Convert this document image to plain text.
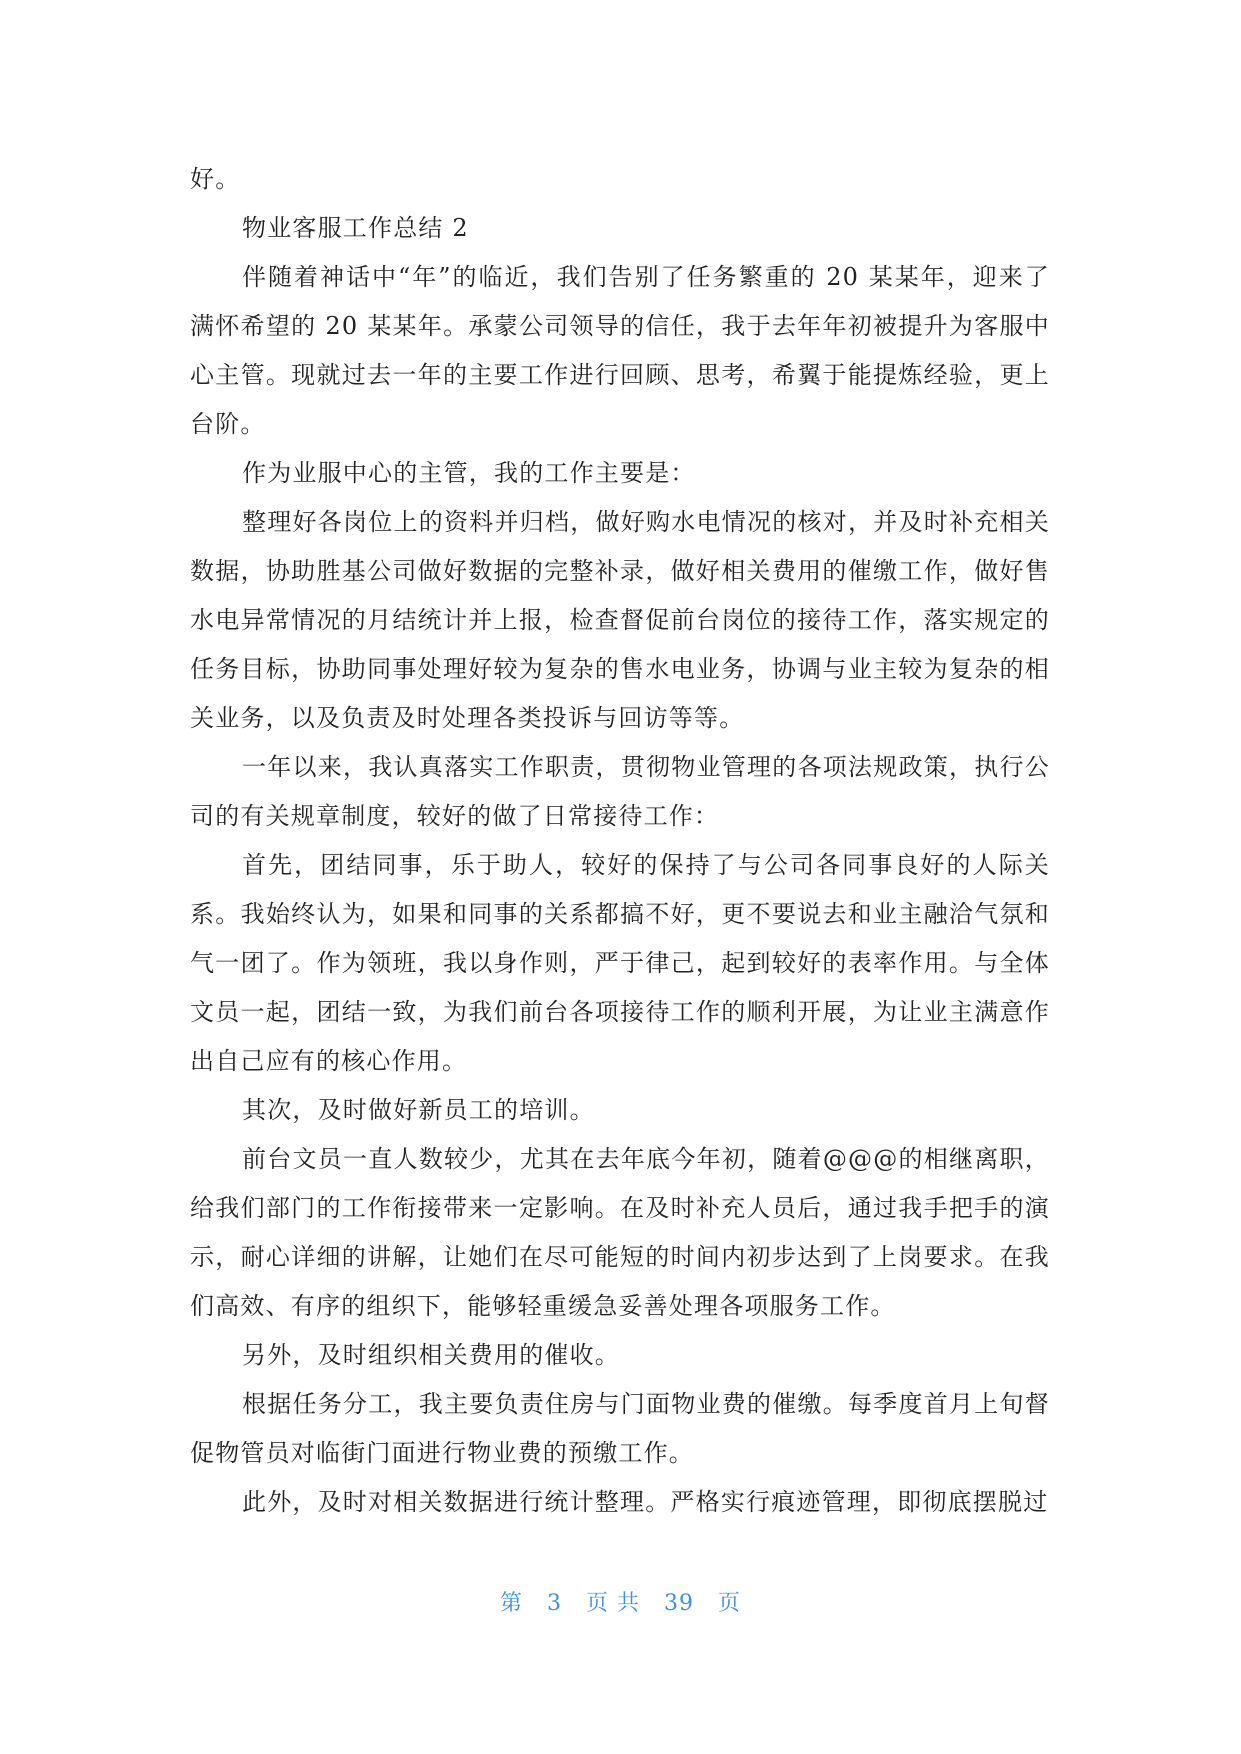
好。

物业客服工作总结 2

伴随着神话中“年”的临近，我们告别了任务繁重的 20 某某年，迎来了满怀希望的 20 某某年。承蒙公司领导的信任，我于去年年初被提升为客服中心主管。现就过去一年的主要工作进行回顾、思考，希翼于能提炼经验，更上台阶。

作为业服中心的主管，我的工作主要是：

整理好各岗位上的资料并归档，做好购水电情况的核对，并及时补充相关数据，协助胜基公司做好数据的完整补录，做好相关费用的催缴工作，做好售水电异常情况的月结统计并上报，检查督促前台岗位的接待工作，落实规定的任务目标，协助同事处理好较为复杂的售水电业务，协调与业主较为复杂的相关业务，以及负责及时处理各类投诉与回访等等。

一年以来，我认真落实工作职责，贯彻物业管理的各项法规政策，执行公司的有关规章制度，较好的做了日常接待工作：

首先，团结同事，乐于助人，较好的保持了与公司各同事良好的人际关系。我始终认为，如果和同事的关系都搞不好，更不要说去和业主融洽气氛和气一团了。作为领班，我以身作则，严于律己，起到较好的表率作用。与全体文员一起，团结一致，为我们前台各项接待工作的顺利开展，为让业主满意作出自己应有的核心作用。

其次，及时做好新员工的培训。

前台文员一直人数较少，尤其在去年底今年初，随着@@@的相继离职，给我们部门的工作衔接带来一定影响。在及时补充人员后，通过我手把手的演示，耐心详细的讲解，让她们在尽可能短的时间内初步达到了上岗要求。在我们高效、有序的组织下，能够轻重缓急妥善处理各项服务工作。

另外，及时组织相关费用的催收。

根据任务分工，我主要负责住房与门面物业费的催缴。每季度首月上旬督促物管员对临街门面进行物业费的预缴工作。

此外，及时对相关数据进行统计整理。严格实行痕迹管理，即彻底摆脱过

第 3 页 共 39 页
